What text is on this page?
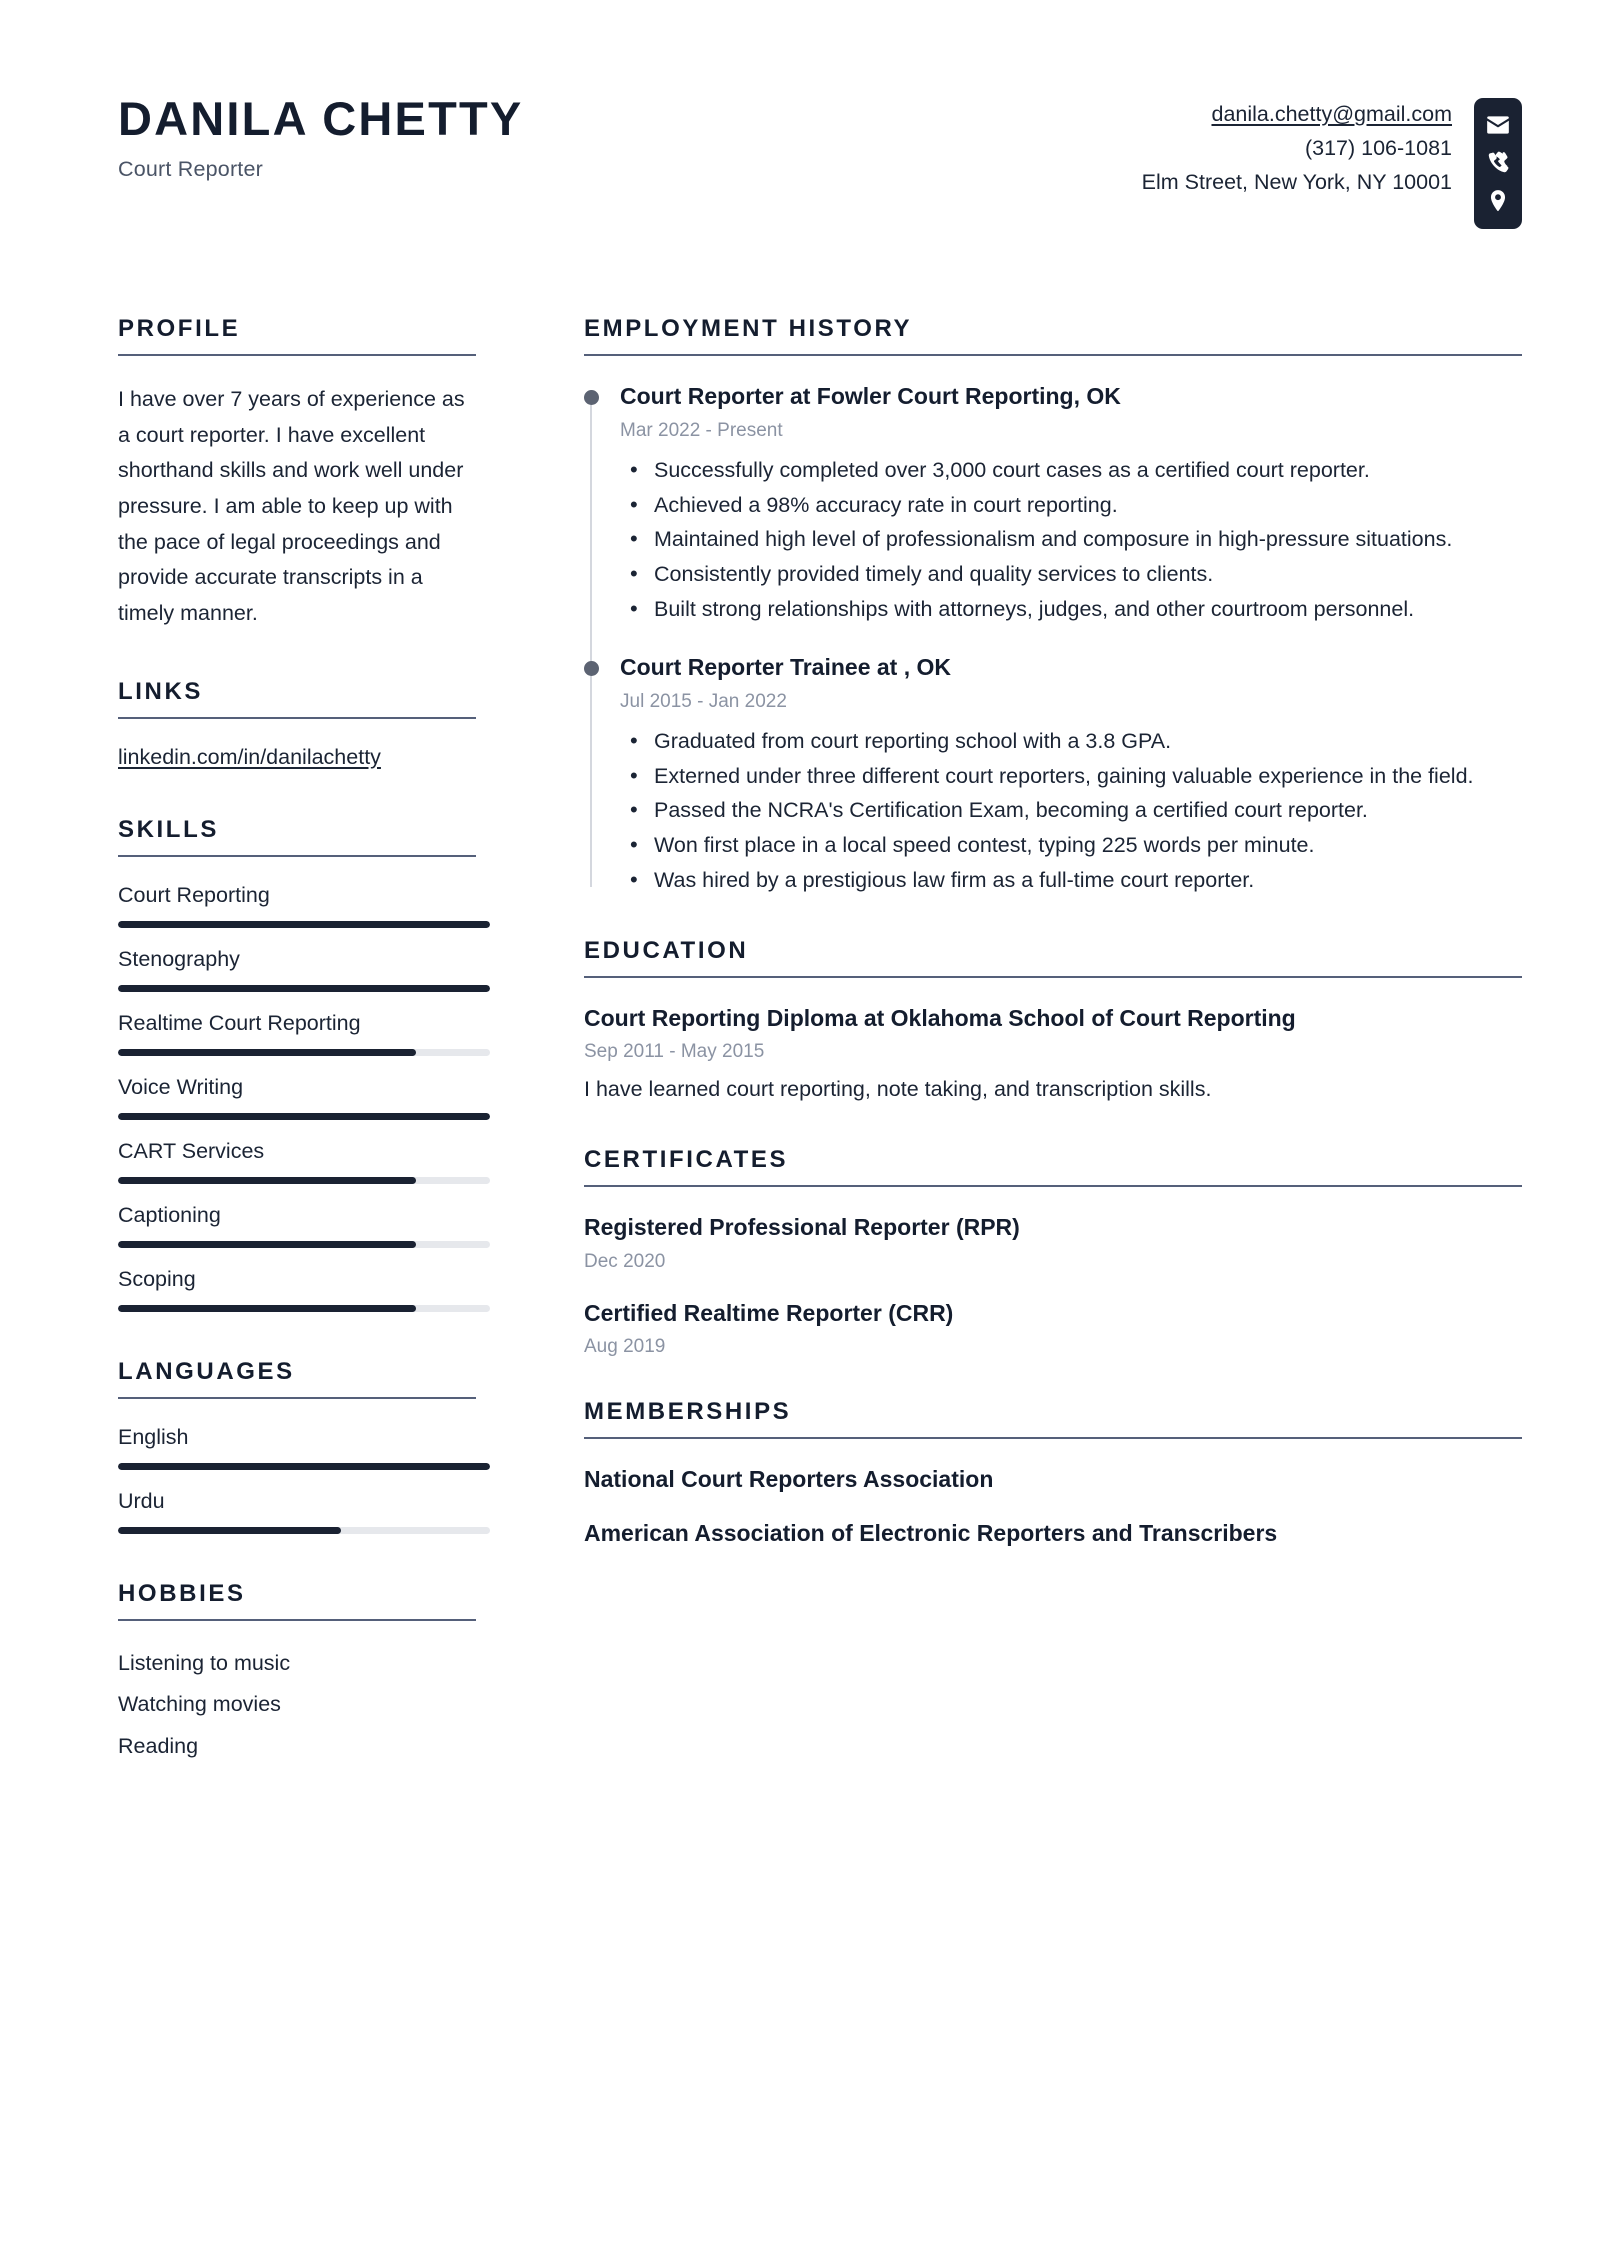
DANILA CHETTY
Court Reporter
danila.chetty@gmail.com
(317) 106-1081
Elm Street, New York, NY 10001
PROFILE
I have over 7 years of experience as a court reporter. I have excellent shorthand skills and work well under pressure. I am able to keep up with the pace of legal proceedings and provide accurate transcripts in a timely manner.
LINKS
linkedin.com/in/danilachetty
SKILLS
Court Reporting
Stenography
Realtime Court Reporting
Voice Writing
CART Services
Captioning
Scoping
LANGUAGES
English
Urdu
HOBBIES
Listening to music
Watching movies
Reading
EMPLOYMENT HISTORY
Court Reporter at Fowler Court Reporting, OK
Mar 2022 - Present
• Successfully completed over 3,000 court cases as a certified court reporter.
• Achieved a 98% accuracy rate in court reporting.
• Maintained high level of professionalism and composure in high-pressure situations.
• Consistently provided timely and quality services to clients.
• Built strong relationships with attorneys, judges, and other courtroom personnel.
Court Reporter Trainee at , OK
Jul 2015 - Jan 2022
• Graduated from court reporting school with a 3.8 GPA.
• Externed under three different court reporters, gaining valuable experience in the field.
• Passed the NCRA's Certification Exam, becoming a certified court reporter.
• Won first place in a local speed contest, typing 225 words per minute.
• Was hired by a prestigious law firm as a full-time court reporter.
EDUCATION
Court Reporting Diploma at Oklahoma School of Court Reporting
Sep 2011 - May 2015
I have learned court reporting, note taking, and transcription skills.
CERTIFICATES
Registered Professional Reporter (RPR)
Dec 2020
Certified Realtime Reporter (CRR)
Aug 2019
MEMBERSHIPS
National Court Reporters Association
American Association of Electronic Reporters and Transcribers
